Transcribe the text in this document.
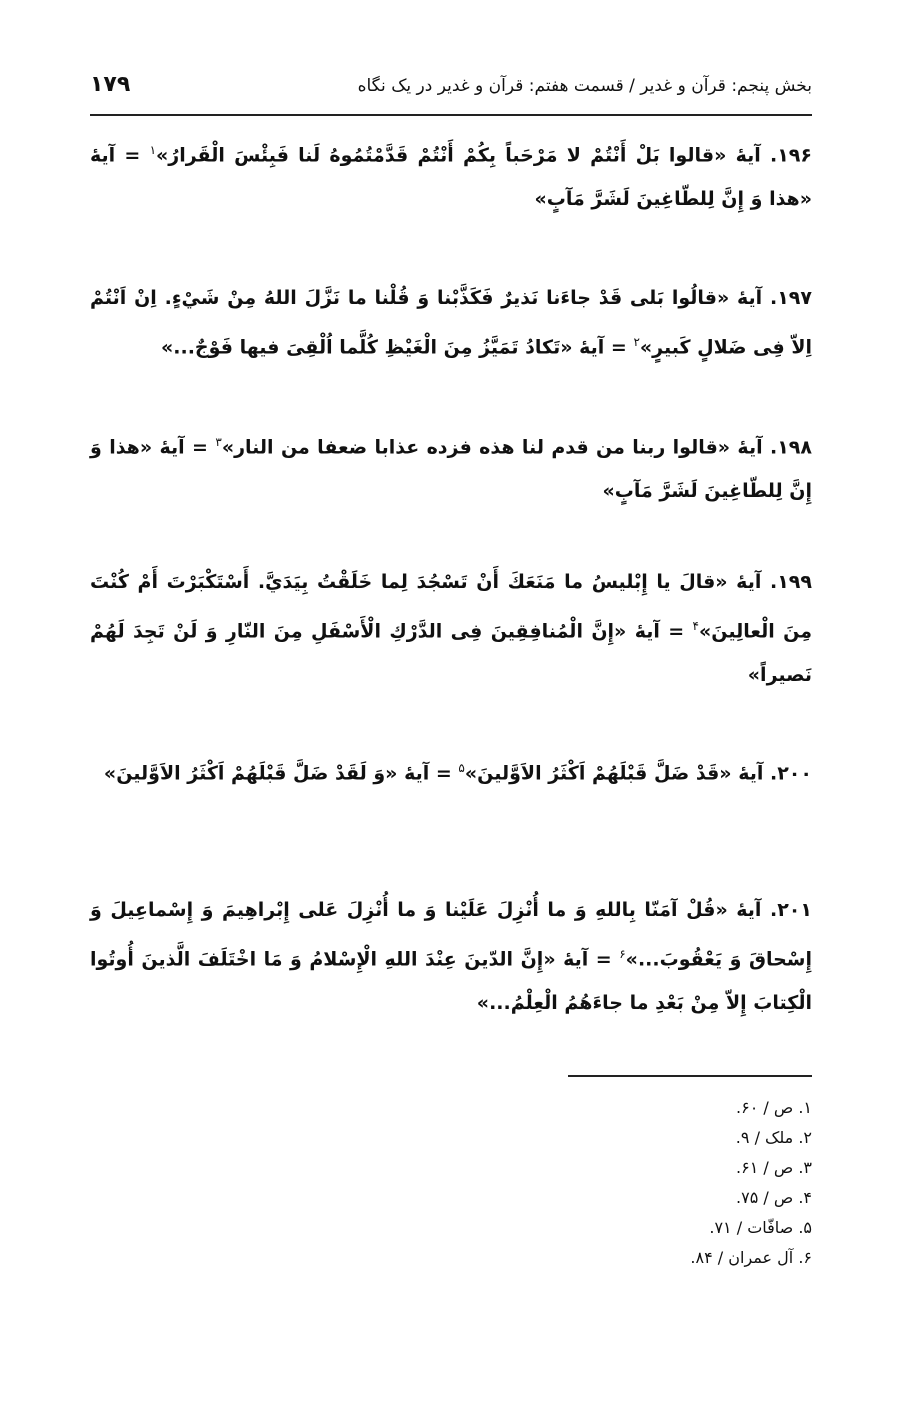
بخش پنجم: قرآن و غدیر / قسمت هفتم: قرآن و غدیر در یک نگاه
۱۷۹

۱۹۶. آیهٔ «قالوا بَلْ أَنْتُمْ لا مَرْحَباً بِكُمْ أَنْتُمْ قَدَّمْتُمُوهُ لَنا فَبِئْسَ الْقَرارُ»$^۱$ = آیهٔ «هذا وَ إِنَّ لِلطّاغِينَ لَشَرَّ مَآبٍ»

۱۹۷. آیهٔ «قالُوا بَلى قَدْ جاءَنا نَذيرٌ فَكَذَّبْنا وَ قُلْنا ما نَزَّلَ اللهُ مِنْ شَيْءٍ. اِنْ اَنْتُمْ اِلاّ فِى ضَلالٍ كَبيرٍ»$^۲$ = آیهٔ «تَكادُ تَمَيَّزُ مِنَ الْغَيْظِ كُلَّما اُلْقِىَ فيها فَوْجٌ...»

۱۹۸. آیهٔ «قالوا ربنا من قدم لنا هذه فزده عذابا ضعفا من النار»$^۳$ = آیهٔ «هذا وَ إِنَّ لِلطّاغِينَ لَشَرَّ مَآبٍ»

۱۹۹. آیهٔ «قالَ يا إِبْليسُ ما مَنَعَكَ أَنْ تَسْجُدَ لِما خَلَقْتُ بِيَدَيَّ. أَسْتَكْبَرْتَ أَمْ كُنْتَ مِنَ الْعالِينَ»$^۴$ = آیهٔ «إِنَّ الْمُنافِقِينَ فِى الدَّرْكِ الْأَسْفَلِ مِنَ النّارِ وَ لَنْ تَجِدَ لَهُمْ نَصيراً»

۲۰۰. آیهٔ «قَدْ ضَلَّ قَبْلَهُمْ اَكْثَرُ الاَوَّلينَ»$^۵$ = آیهٔ «وَ لَقَدْ ضَلَّ قَبْلَهُمْ اَكْثَرُ الاَوَّلينَ»

۲۰۱. آیهٔ «قُلْ آمَنّا بِاللهِ وَ ما أُنْزِلَ عَلَيْنا وَ ما أُنْزِلَ عَلى إِبْراهِيمَ وَ إِسْماعِيلَ وَ إِسْحاقَ وَ يَعْقُوبَ...»$^۶$ = آیهٔ «إِنَّ الدّينَ عِنْدَ اللهِ الْإِسْلامُ وَ مَا اخْتَلَفَ الَّذينَ أُوتُوا الْكِتابَ إِلاّ مِنْ بَعْدِ ما جاءَهُمُ الْعِلْمُ...»

۱. ص / ۶۰.
۲. ملک / ۹.
۳. ص / ۶۱.
۴. ص / ۷۵.
۵. صافّات / ۷۱.
۶. آل عمران / ۸۴.
